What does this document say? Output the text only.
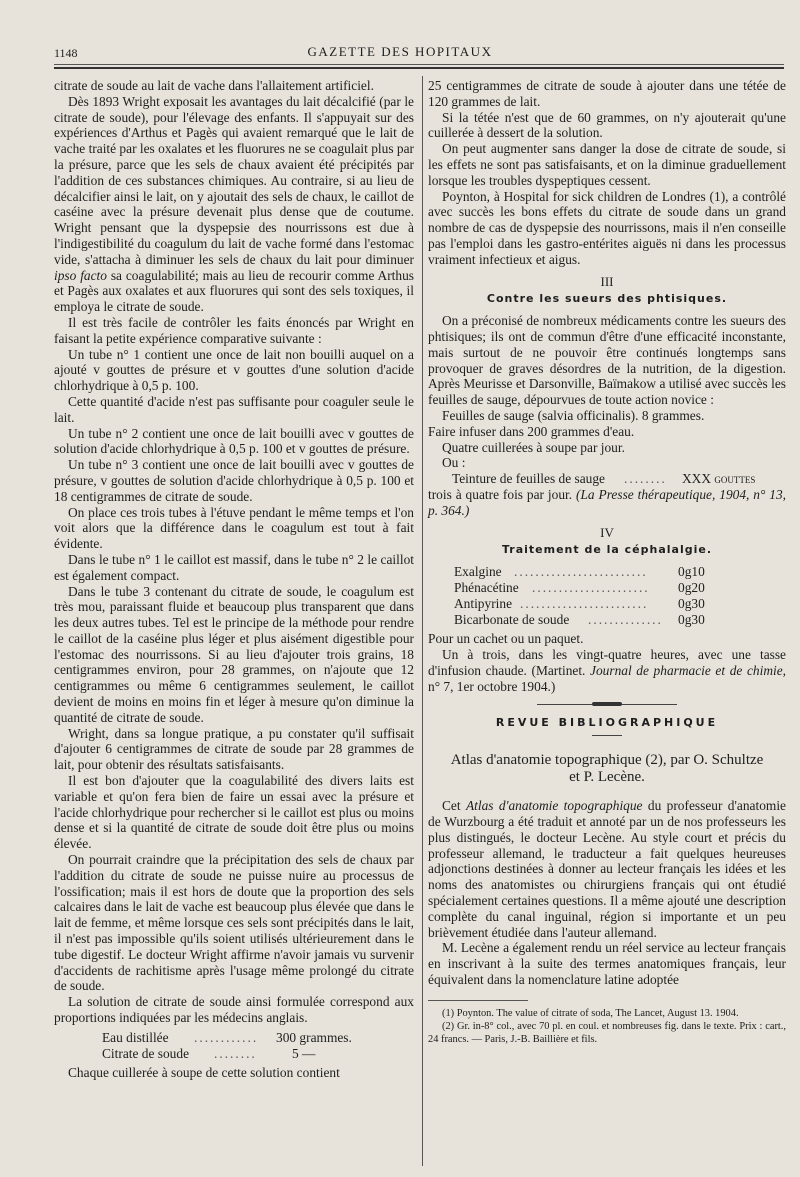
1148	GAZETTE DES HOPITAUX

citrate de soude au lait de vache dans l'allaitement artificiel.

Dès 1893 Wright exposait les avantages du lait décalcifié (par le citrate de soude), pour l'élevage des enfants. Il s'appuyait sur des expériences d'Arthus et Pagès qui avaient remarqué que le lait de vache traité par les oxalates et les fluorures ne se coagulait plus par la présure, parce que les sels de chaux avaient été précipités par l'addition de ces substances chimiques. Au contraire, si au lieu de décalcifier ainsi le lait, on y ajoutait des sels de chaux, le caillot de caséine avec la présure devenait plus dense que de coutume. Wright pensant que la dyspepsie des nourrissons est due à l'indigestibilité du coagulum du lait de vache formé dans l'estomac vide, s'attacha à diminuer les sels de chaux du lait pour diminuer ipso facto sa coagulabilité; mais au lieu de recourir comme Arthus et Pagès aux oxalates et aux fluorures qui sont des sels toxiques, il employa le citrate de soude.

Il est très facile de contrôler les faits énoncés par Wright en faisant la petite expérience comparative suivante :

Un tube n° 1 contient une once de lait non bouilli auquel on a ajouté v gouttes de présure et v gouttes d'une solution d'acide chlorhydrique à 0,5 p. 100.

Cette quantité d'acide n'est pas suffisante pour coaguler seule le lait.

Un tube n° 2 contient une once de lait bouilli avec v gouttes de solution d'acide chlorhydrique à 0,5 p. 100 et v gouttes de présure.

Un tube n° 3 contient une once de lait bouilli avec v gouttes de présure, v gouttes de solution d'acide chlorhydrique à 0,5 p. 100 et 18 centigrammes de citrate de soude.

On place ces trois tubes à l'étuve pendant le même temps et l'on voit alors que la différence dans le coagulum est tout à fait évidente.

Dans le tube n° 1 le caillot est massif, dans le tube n° 2 le caillot est également compact.

Dans le tube 3 contenant du citrate de soude, le coagulum est très mou, paraissant fluide et beaucoup plus transparent que dans les deux autres tubes. Tel est le principe de la méthode pour rendre le caillot de la caséine plus léger et plus aisément digestible pour l'estomac des nourrissons. Si au lieu d'ajouter trois grains, 18 centigrammes environ, pour 28 grammes, on n'ajoute que 12 centigrammes ou même 6 centigrammes seulement, le caillot devient de moins en moins fin et léger à mesure qu'on diminue la quantité de citrate de soude.

Wright, dans sa longue pratique, a pu constater qu'il suffisait d'ajouter 6 centigrammes de citrate de soude par 28 grammes de lait, pour obtenir des résultats satisfaisants.

Il est bon d'ajouter que la coagulabilité des divers laits est variable et qu'on fera bien de faire un essai avec la présure et l'acide chlorhydrique pour rechercher si le caillot est plus ou moins dense et si la quantité de citrate de soude doit être plus ou moins élevée.

On pourrait craindre que la précipitation des sels de chaux par l'addition du citrate de soude ne puisse nuire au processus de l'ossification; mais il est hors de doute que la proportion des sels calcaires dans le lait de vache est beaucoup plus élevée que dans le lait de femme, et même lorsque ces sels sont précipités dans le lait, il n'est pas impossible qu'ils soient utilisés ultérieurement dans le tube digestif. Le docteur Wright affirme n'avoir jamais vu survenir d'accidents de rachitisme après l'usage même prolongé du citrate de soude.

La solution de citrate de soude ainsi formulée correspond aux proportions indiquées par les médecins anglais.

Eau distillée ............ 300 grammes.
Citrate de soude ........	5 —

Chaque cuillerée à soupe de cette solution contient

25 centigrammes de citrate de soude à ajouter dans une tétée de 120 grammes de lait.

Si la tétée n'est que de 60 grammes, on n'y ajouterait qu'une cuillerée à dessert de la solution.

On peut augmenter sans danger la dose de citrate de soude, si les effets ne sont pas satisfaisants, et on la diminue graduellement lorsque les troubles dyspeptiques cessent.

Poynton, à Hospital for sick children de Londres (1), a contrôlé avec succès les bons effets du citrate de soude dans un grand nombre de cas de dyspepsie des nourrissons, mais il n'en conseille pas l'emploi dans les gastro-entérites aiguës ni dans les processus vraiment infectieux et aigus.

III
Contre les sueurs des phtisiques.

On a préconisé de nombreux médicaments contre les sueurs des phtisiques; ils ont de commun d'être d'une efficacité inconstante, mais surtout de ne pouvoir être continués longtemps sans provoquer de graves désordres de la nutrition, de la digestion. Après Meurisse et Darsonville, Baïmakow a utilisé avec succès les feuilles de sauge, dépourvues de toute action novice :

Feuilles de sauge (salvia officinalis). 8 grammes.

Faire infuser dans 200 grammes d'eau.

Quatre cuillerées à soupe par jour.

Ou :

Teinture de feuilles de sauge ........ XXX gouttes

trois à quatre fois par jour. (La Presse thérapeutique, 1904, n° 13, p. 364.)

IV
Traitement de la céphalalgie.
Exalgine ......................... 0g10
Phénacétine ...................... 0g20
Antipyrine ........................ 0g30
Bicarbonate de soude .............. 0g30

Pour un cachet ou un paquet.

Un à trois, dans les vingt-quatre heures, avec une tasse d'infusion chaude. (Martinet. Journal de pharmacie et de chimie, n° 7, 1er octobre 1904.)

REVUE BIBLIOGRAPHIQUE
Atlas d'anatomie topographique (2), par O. Schultze
et P. Lecène.

Cet Atlas d'anatomie topographique du professeur d'anatomie de Wurzbourg a été traduit et annoté par un de nos professeurs les plus distingués, le docteur Lecène. Au style court et précis du professeur allemand, le traducteur a fait quelques heureuses adjonctions destinées à donner au lecteur français les idées et les noms des anatomistes ou chirurgiens français qui ont étudié spécialement certaines questions. Il a même ajouté une description complète du canal inguinal, région si importante et un peu brièvement étudiée dans l'auteur allemand.

M. Lecène a également rendu un réel service au lecteur français en inscrivant à la suite des termes anatomiques français, leur équivalent dans la nomenclature latine adoptée

(1) Poynton. The value of citrate of soda, The Lancet, August 13. 1904.

(2) Gr. in-8° col., avec 70 pl. en coul. et nombreuses fig. dans le texte. Prix : cart., 24 francs. — Paris, J.-B. Baillière et fils.
